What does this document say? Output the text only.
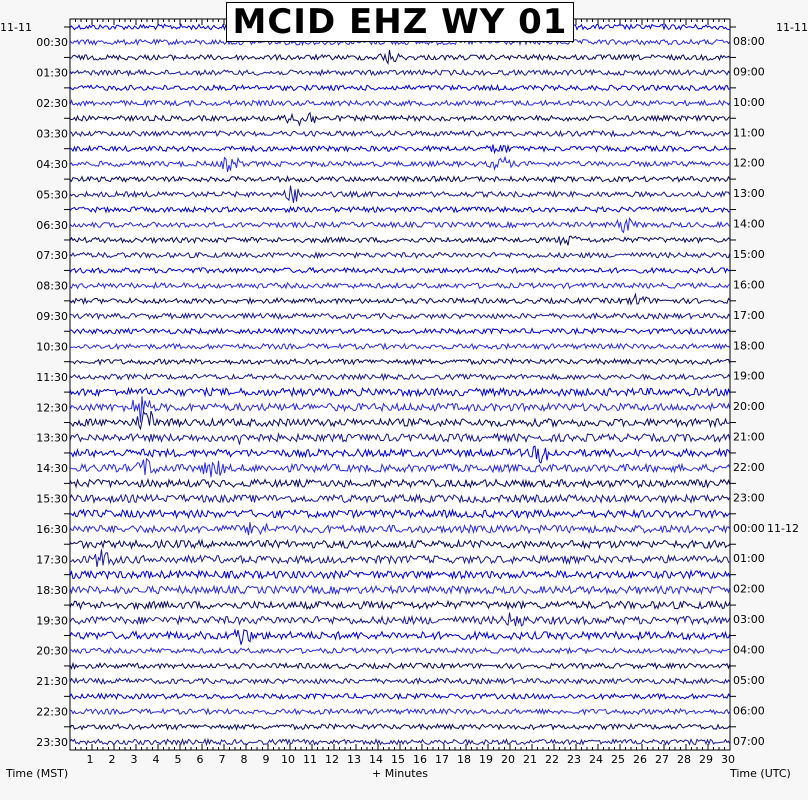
00:30
01:30
02:30
03:30
04:30
05:30
06:30
07:30
08:30
09:30
10:30
11:30
12:30
13:30
14:30
15:30
16:30
17:30
18:30
19:30
20:30
21:30
22:30
23:30
08:00
09:00
10:00
11:00
12:00
13:00
14:00
15:00
16:00
17:00
18:00
19:00
20:00
21:00
22:00
23:00
00:00 11-12
01:00
02:00
03:00
04:00
05:00
06:00
07:00
1 2 3 4 5 6 7 8 9 10 11 12 13 14 15 16 17 18 19 20 21 22 23 24 25 26 27 28 29 30
MCID EHZ WY 01
11-11	11-11
Time (MST)	+ Minutes	Time (UTC)
